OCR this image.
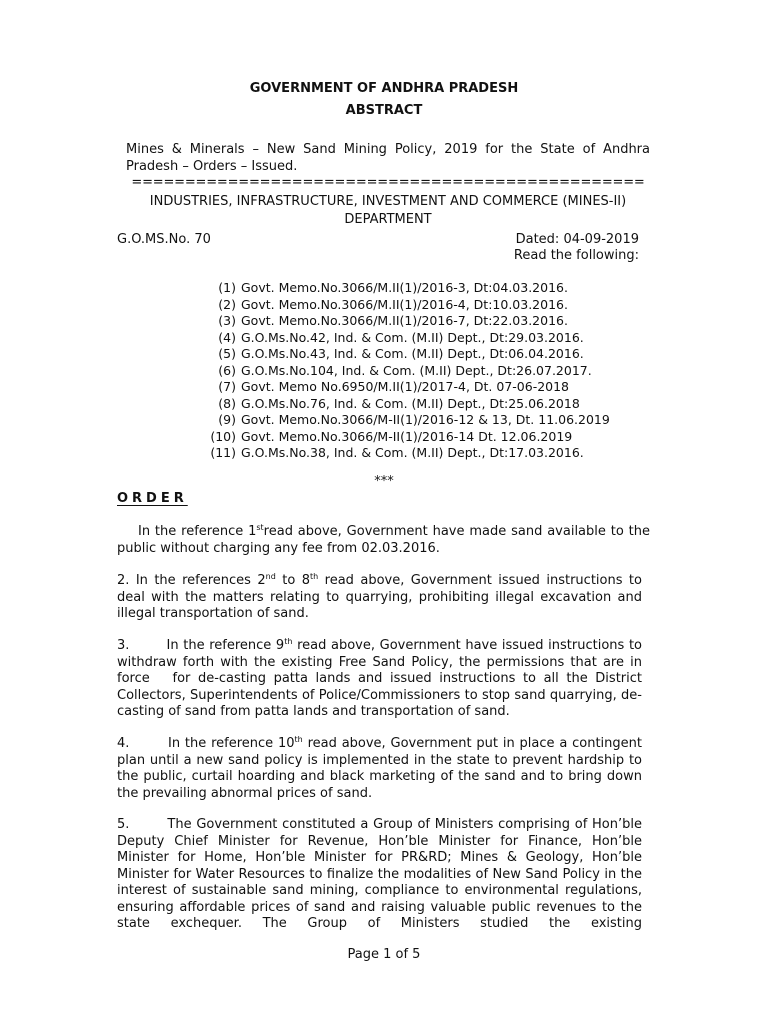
GOVERNMENT OF ANDHRA PRADESH
ABSTRACT
Mines & Minerals – New Sand Mining Policy, 2019 for the State of Andhra Pradesh – Orders – Issued.
================================================
INDUSTRIES, INFRASTRUCTURE, INVESTMENT AND COMMERCE (MINES-II)
DEPARTMENT
G.O.MS.No. 70	Dated: 04-09-2019
Read the following:
(1) Govt. Memo.No.3066/M.II(1)/2016-3, Dt:04.03.2016.
(2) Govt. Memo.No.3066/M.II(1)/2016-4, Dt:10.03.2016.
(3) Govt. Memo.No.3066/M.II(1)/2016-7, Dt:22.03.2016.
(4) G.O.Ms.No.42, Ind. & Com. (M.II) Dept., Dt:29.03.2016.
(5) G.O.Ms.No.43, Ind. & Com. (M.II) Dept., Dt:06.04.2016.
(6) G.O.Ms.No.104, Ind. & Com. (M.II) Dept., Dt:26.07.2017.
(7) Govt. Memo No.6950/M.II(1)/2017-4, Dt. 07-06-2018
(8) G.O.Ms.No.76, Ind. & Com. (M.II) Dept., Dt:25.06.2018
(9) Govt. Memo.No.3066/M-II(1)/2016-12 & 13, Dt. 11.06.2019
(10) Govt. Memo.No.3066/M-II(1)/2016-14 Dt. 12.06.2019
(11) G.O.Ms.No.38, Ind. & Com. (M.II) Dept., Dt:17.03.2016.
***
ORDER
In the reference 1stread above, Government have made sand available to the public without charging any fee from 02.03.2016.
2. In the references 2nd to 8th read above, Government issued instructions to deal with the matters relating to quarrying, prohibiting illegal excavation and illegal transportation of sand.
3.        In the reference 9th read above, Government have issued instructions to withdraw forth with the existing Free Sand Policy, the permissions that are in force   for de-casting patta lands and issued instructions to all the District Collectors, Superintendents of Police/Commissioners to stop sand quarrying, de-casting of sand from patta lands and transportation of sand.
4.        In the reference 10th read above, Government put in place a contingent plan until a new sand policy is implemented in the state to prevent hardship to the public, curtail hoarding and black marketing of the sand and to bring down the prevailing abnormal prices of sand.
5.        The Government constituted a Group of Ministers comprising of Hon’ble Deputy Chief Minister for Revenue, Hon’ble Minister for Finance, Hon’ble Minister for Home, Hon’ble Minister for PR&RD; Mines & Geology, Hon’ble Minister for Water Resources to finalize the modalities of New Sand Policy in the interest of sustainable sand mining, compliance to environmental regulations, ensuring affordable prices of sand and raising valuable public revenues to the state exchequer. The Group of Ministers studied the existing
Page 1 of 5
